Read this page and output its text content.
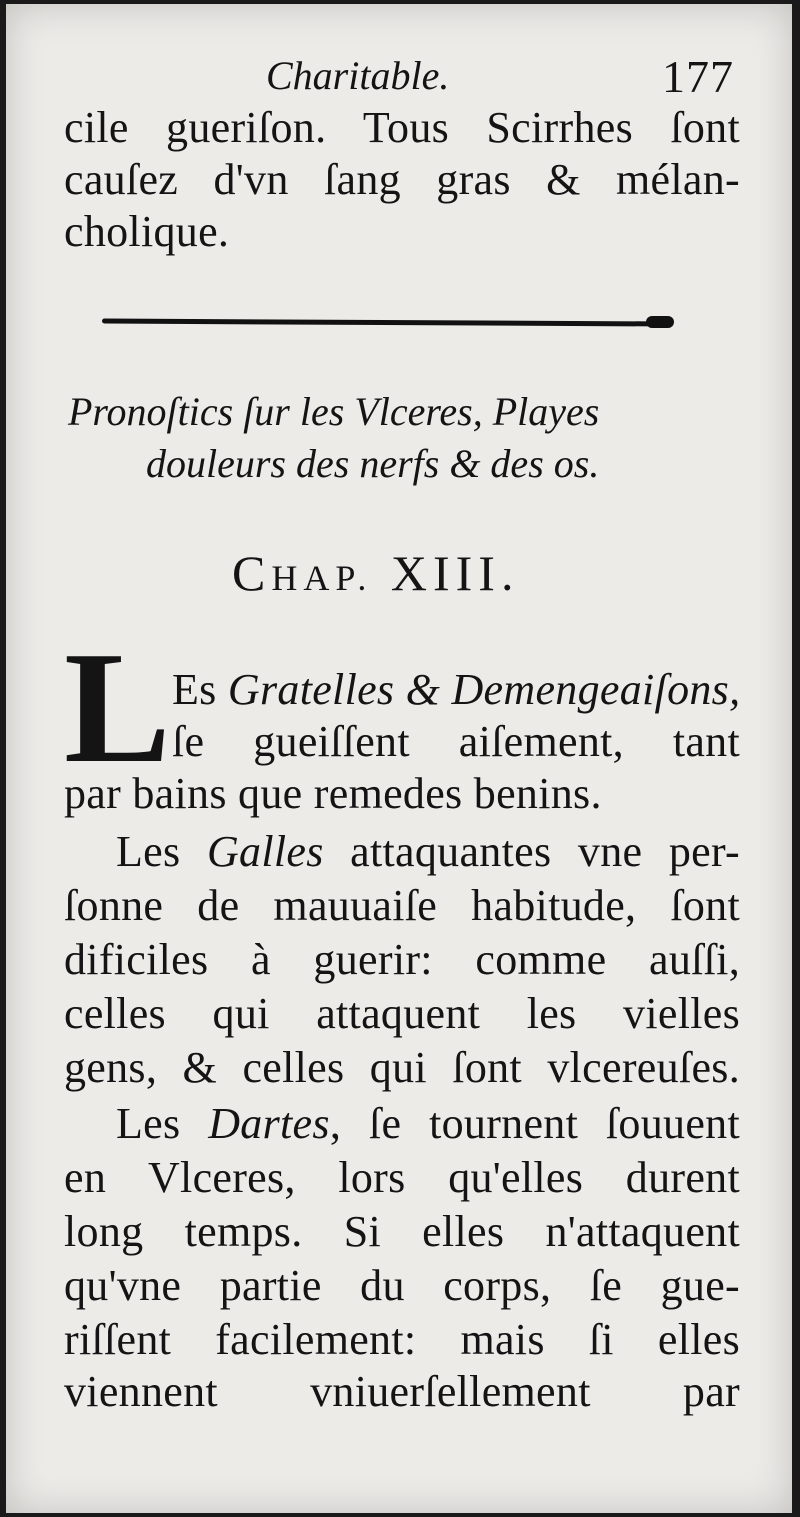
Charitable.	177
cile gueriſon. Tous Scirrhes ſont
cauſez d'vn ſang gras & mélan-
cholique.
Pronoſtics ſur les Vlceres, Playes
douleurs des nerfs & des os.
CHAP. XIII.
L Es Gratelles & Demengeaiſons,
ſe gueiſſent aiſement, tant
par bains que remedes benins.
Les Galles attaquantes vne per-
ſonne de mauuaiſe habitude, ſont
dificiles à guerir: comme auſſi,
celles qui attaquent les vielles
gens, & celles qui ſont vlcereuſes.
Les Dartes, ſe tournent ſouuent
en Vlceres, lors qu'elles durent
long temps. Si elles n'attaquent
qu'vne partie du corps, ſe gue-
riſſent facilement: mais ſi elles
viennent vniuerſellement par
